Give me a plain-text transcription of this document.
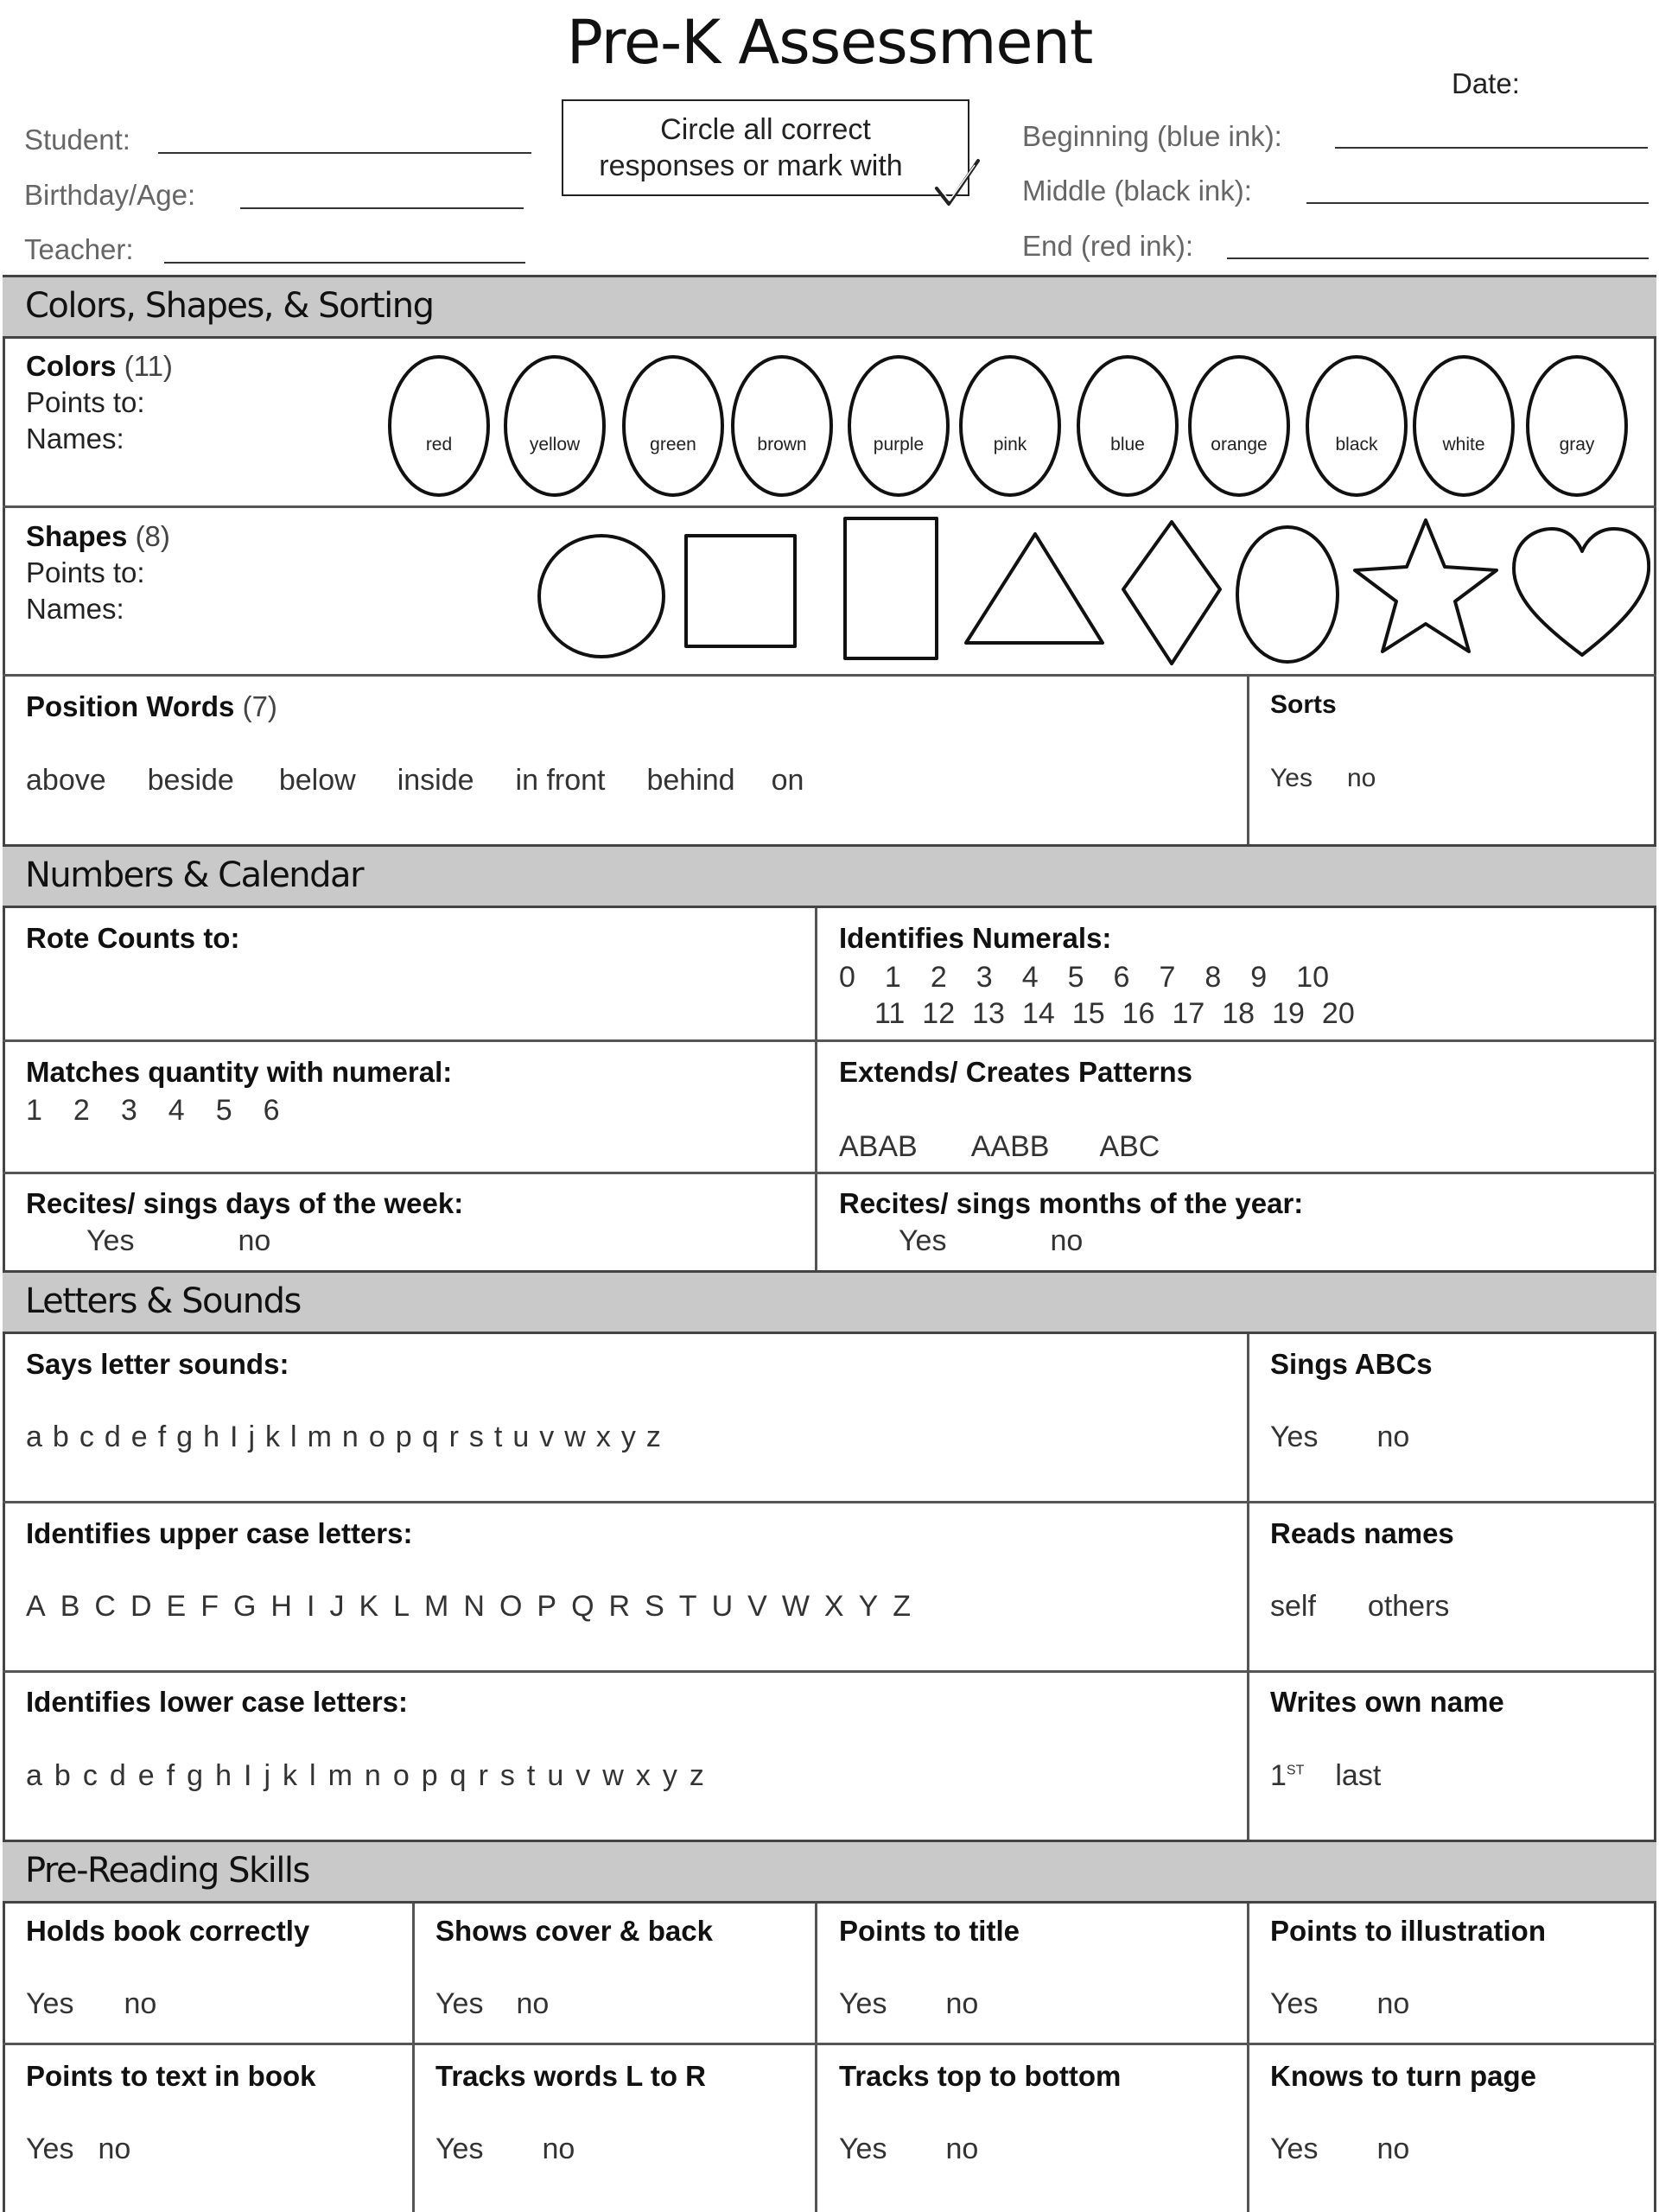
Pre-K Assessment
Date:
Student:
Birthday/Age:
Teacher:
Circle all correct
responses or mark with
Beginning (blue ink):
Middle (black ink):
End (red ink):
Colors, Shapes, & Sorting
Numbers & Calendar
Letters & Sounds
Pre-Reading Skills
Colors (11)
Points to:
Names:	red	yellow	green	brown	purple	pink	blue	orange	black	white	gray
Shapes (8)
Points to:
Names:
Position Words (7)
above beside below inside in front behind on
Sorts
Yes no
Rote Counts to:	Identifies Numerals:
0 1 2 3 4 5 6 7 8 9 10
11 12 13 14 15 16 17 18 19 20
Matches quantity with numeral:
1 2 3 4 5 6
Extends/ Creates Patterns
ABAB AABB ABC
Recites/ sings days of the week:
Yes	no
Recites/ sings months of the year:
Yes	no
Says letter sounds:
a b c d e f g h I j k l m n o p q r s t u v w x y z
Sings ABCs
Yes no
Identifies upper case letters:
A B C D E F G H I J K L M N O P Q R S T U V W X Y Z
Reads names
self others
Identifies lower case letters:
a b c d e f g h I j k l m n o p q r s t u v w x y z
Writes own name
1ST last
Holds book correctly
Yes no
Shows cover & back
Yes no
Points to title
Yes no
Points to illustration
Yes no
Points to text in book
Yes no
Tracks words L to R
Yes no
Tracks top to bottom
Yes no
Knows to turn page
Yes no
